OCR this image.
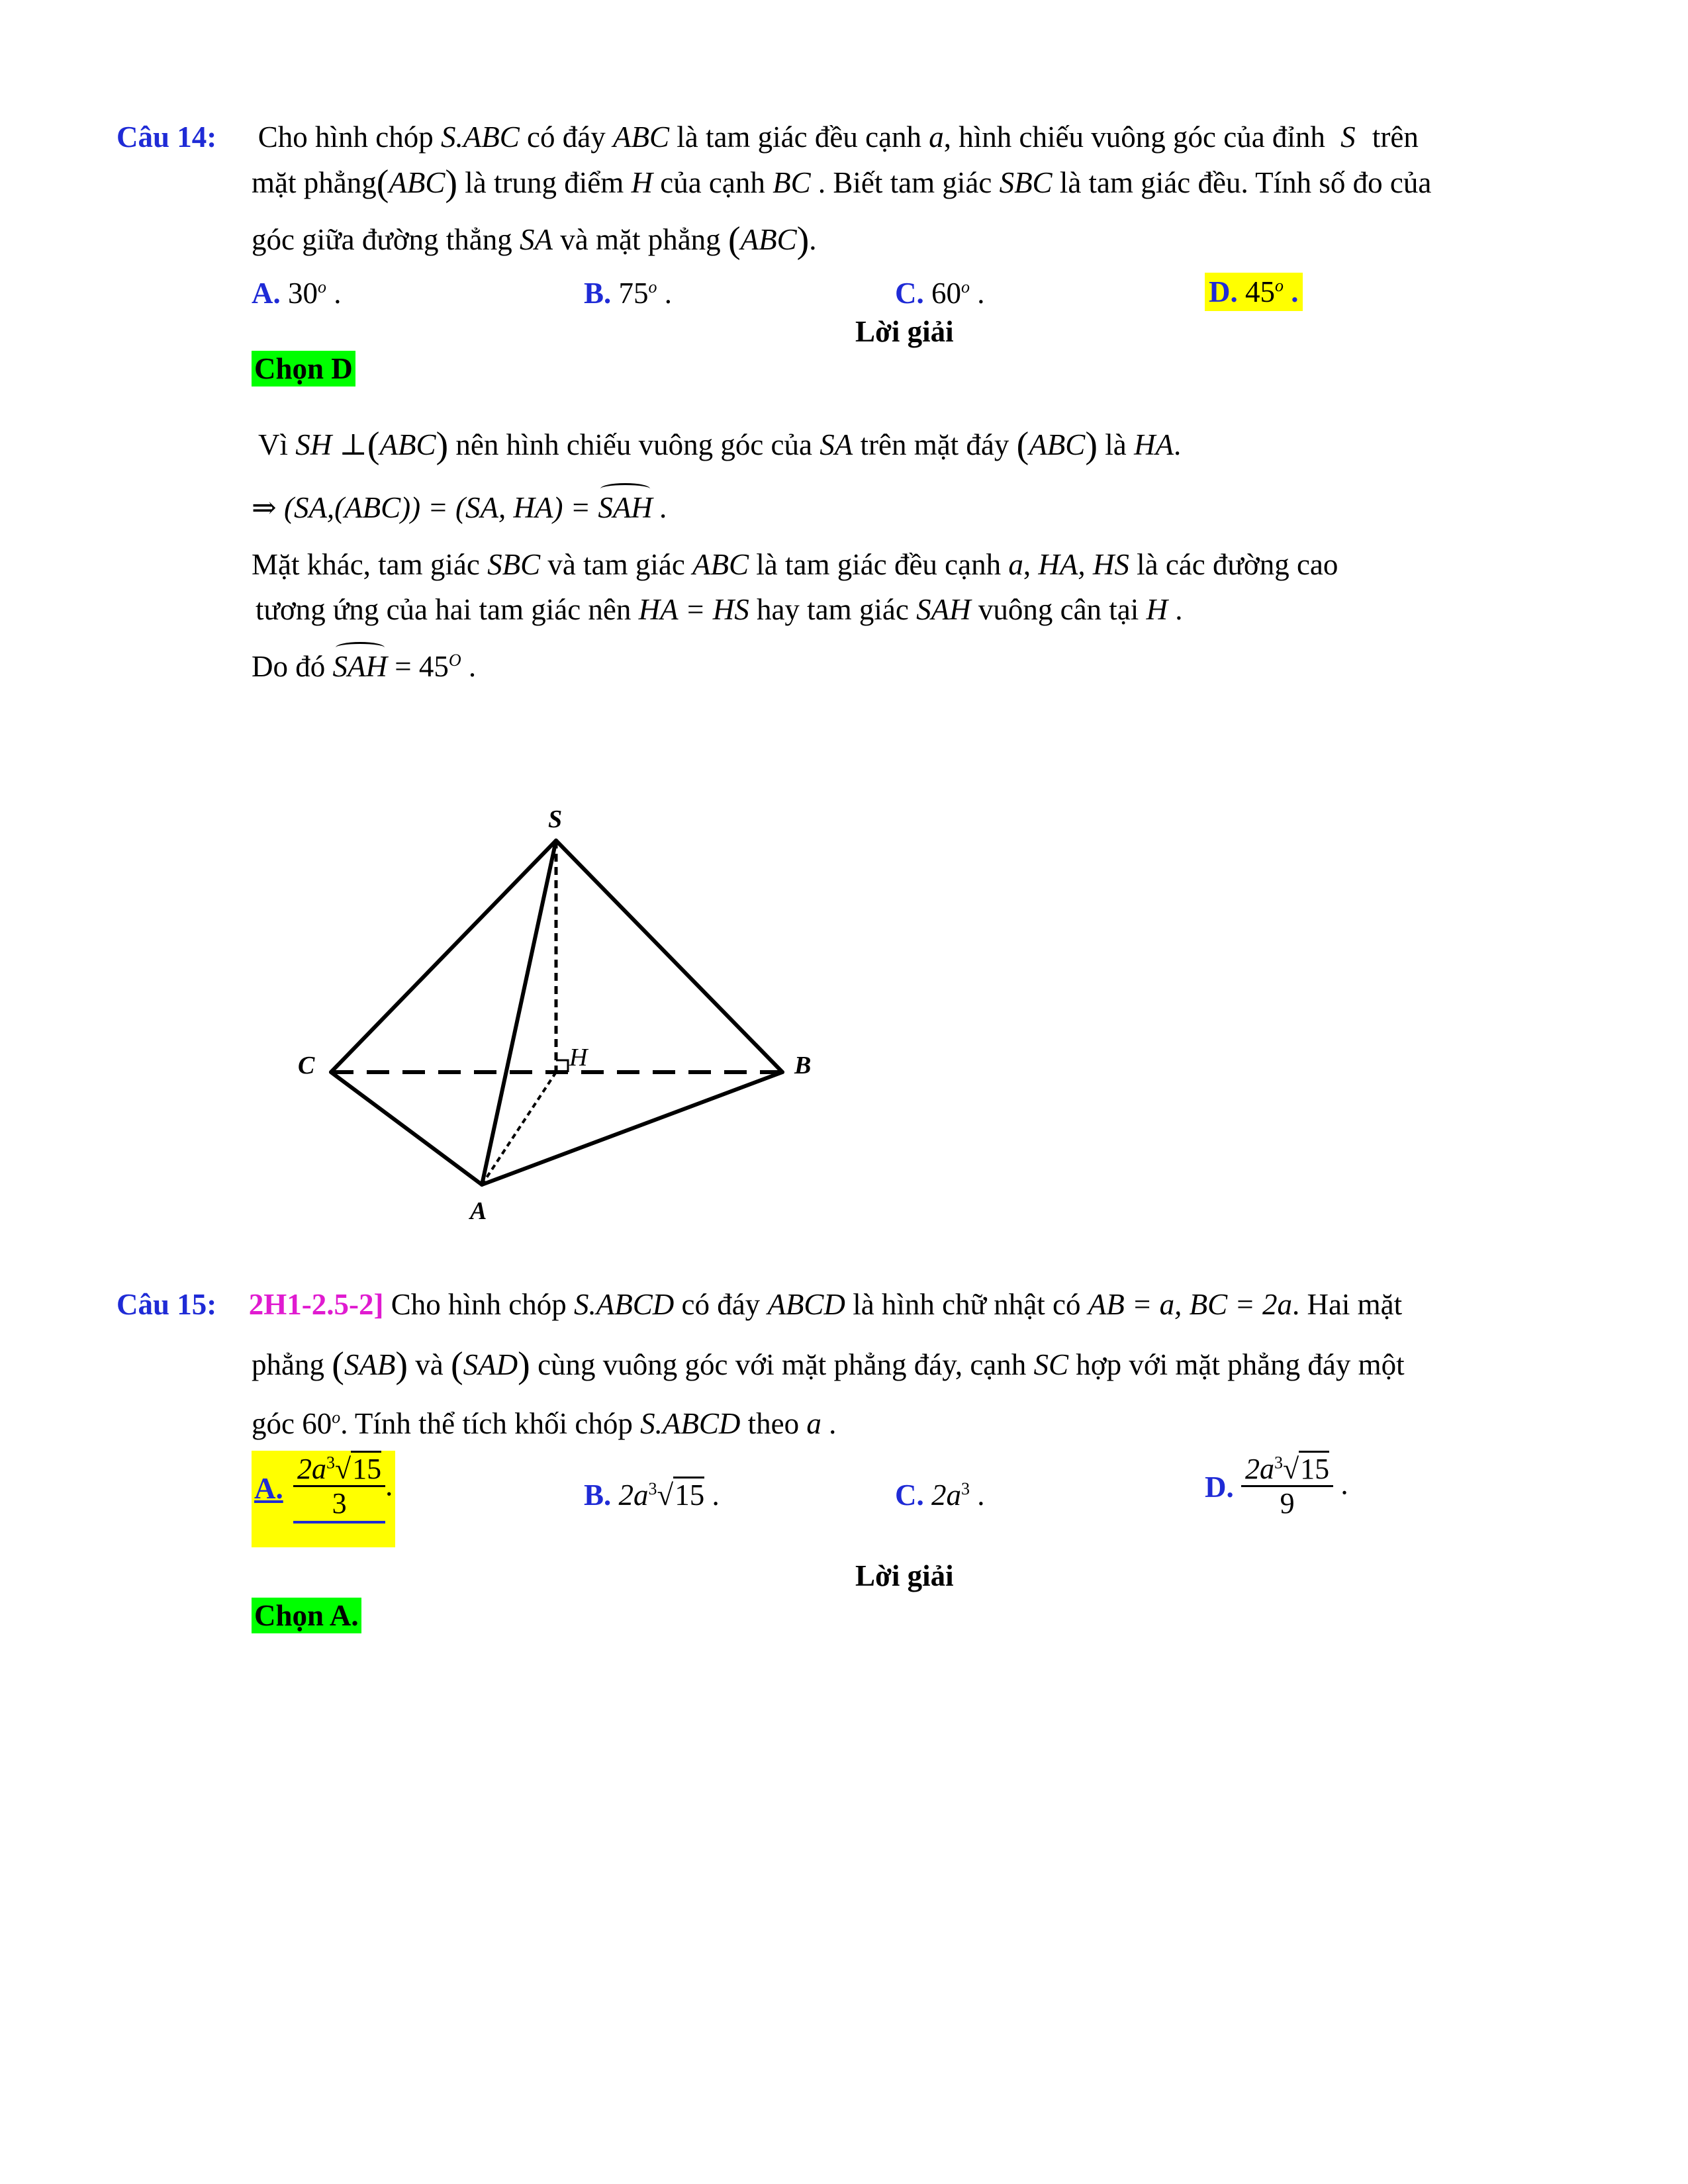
Câu 14: Cho hình chóp S.ABC có đáy ABC là tam giác đều cạnh a, hình chiếu vuông góc của đỉnh S trên
mặt phẳng(ABC) là trung điểm H của cạnh BC . Biết tam giác SBC là tam giác đều. Tính số đo của
góc giữa đường thẳng SA và mặt phẳng (ABC).
A. 30$^o$ .	B. 75$^o$ .	C. 60$^o$ .	D. 45$^o$ .
Lời giải
Chọn D
Vì SH ⊥(ABC) nên hình chiếu vuông góc của SA trên mặt đáy (ABC) là HA.
⇒ (SA,(ABC)) = (SA, HA) = SAH .
Mặt khác, tam giác SBC và tam giác ABC là tam giác đều cạnh a, HA, HS là các đường cao
tương ứng của hai tam giác nên HA = HS hay tam giác SAH vuông cân tại H .
Do đó SAH = $45^O$ .
S
C	H	B
A
Câu 15: 2H1-2.5-2] Cho hình chóp S.ABCD có đáy ABCD là hình chữ nhật có AB = a, BC = 2a. Hai mặt
phẳng (SAB) và (SAD) cùng vuông góc với mặt phẳng đáy, cạnh SC hợp với mặt phẳng đáy một
góc 60$^o$. Tính thể tích khối chóp S.ABCD theo a .
A. $\frac{2a^3√15}{3}$ .	B. $2a^3√15$ .	C. $2a^3$ .	D. $\frac{2a^3√15}{9}$ .
Lời giải
Chọn A.
